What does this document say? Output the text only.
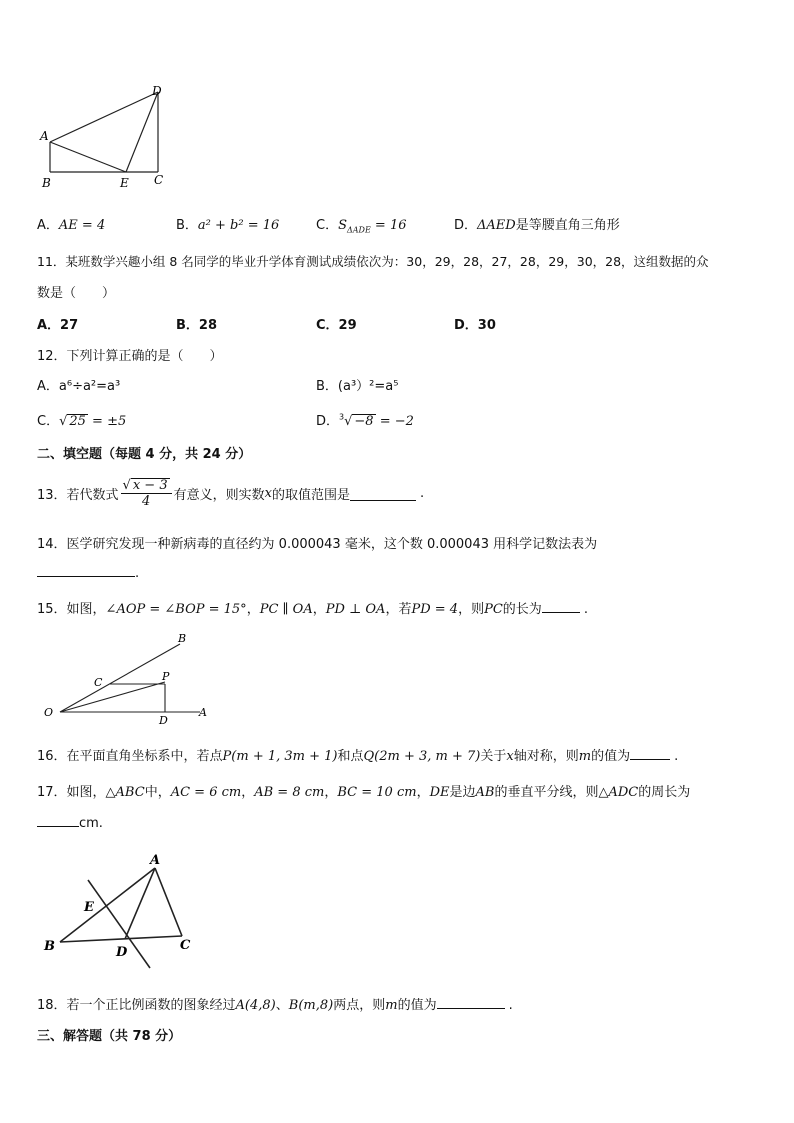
A
B	C
D
E
A．AE = 4	B．a² + b² = 16	C．$S_{\Delta ADE} = 16$	D．ΔAED是等腰直角三角形
11．某班数学兴趣小组 8 名同学的毕业升学体育测试成绩依次为：30，29，28，27，28，29，30，28，这组数据的众
数是（　　）
A．27	B．28	C．29	D．30
12．下列计算正确的是（　　）
A．a⁶÷a²=a³	B．(a³）²=a⁵
C．√ 25 = ±5	D．$^3$√ −8 = −2
二、填空题（每题 4 分，共 24 分）
13．若代数式 $\frac{√ x - 3}{4}$ 有意义，则实数 x 的取值范围是	.
14．医学研究发现一种新病毒的直径约为 0.000043 毫米，这个数 0.000043 用科学记数法表为
.
15．如图，∠AOP = ∠BOP = 15°，PC ∥ OA，PD ⊥ OA，若PD = 4，则PC的长为	.
B
C	P
O
D
A
16．在平面直角坐标系中，若点P(m + 1, 3m + 1)和点Q(2m + 3, m + 7)关于x轴对称，则m的值为	.
17．如图，△ABC中，AC = 6 cm，AB = 8 cm，BC = 10 cm，DE是边AB的垂直平分线，则△ADC的周长为
cm.
A
E
B	D	C
18．若一个正比例函数的图象经过A(4,8)、B(m,8)两点，则m的值为	.
三、解答题（共 78 分）
